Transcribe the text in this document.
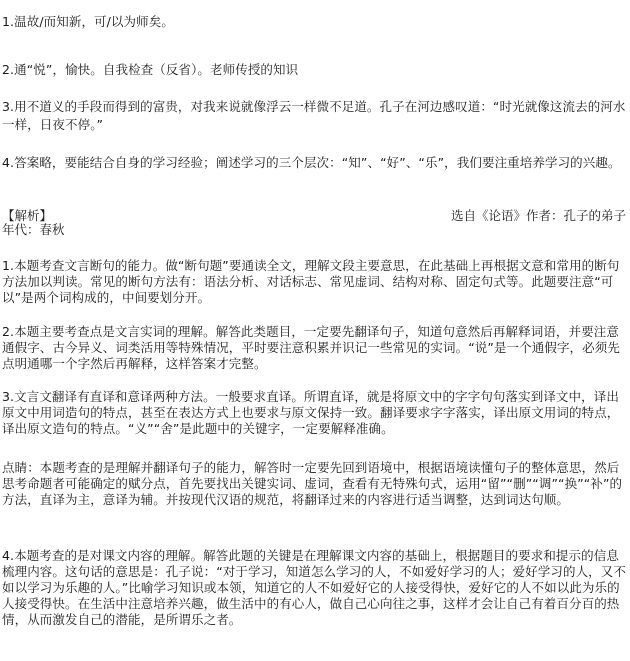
1.温故/而知新，可/以为师矣。

2.通“悦”，愉快。自我检查（反省）。老师传授的知识

3.用不道义的手段而得到的富贵，对我来说就像浮云一样微不足道。孔子在河边感叹道：“时光就像这流去的河水一样，日夜不停。”

4.答案略，要能结合自身的学习经验；阐述学习的三个层次：“知”、“好”、“乐”，我们要注重培养学习的兴趣。

【解析】	选自《论语》作者：孔子的弟子
年代：春秋

1.本题考查文言断句的能力。做“断句题”要通读全文，理解文段主要意思，在此基础上再根据文意和常用的断句方法加以判读。常见的断句方法有：语法分析、对话标志、常见虚词、结构对称、固定句式等。此题要注意“可以”是两个词构成的，中间要划分开。

2.本题主要考查点是文言实词的理解。解答此类题目，一定要先翻译句子，知道句意然后再解释词语，并要注意通假字、古今异义、词类活用等特殊情况，平时要注意积累并识记一些常见的实词。“说”是一个通假字，必须先点明通哪一个字然后再解释，这样答案才完整。

3.文言文翻译有直译和意译两种方法。一般要求直译。所谓直译，就是将原文中的字字句句落实到译文中，译出原文中用词造句的特点，甚至在表达方式上也要求与原文保持一致。翻译要求字字落实，译出原文用词的特点，译出原文造句的特点。“义”“舍”是此题中的关键字，一定要解释准确。

点睛：本题考查的是理解并翻译句子的能力，解答时一定要先回到语境中，根据语境读懂句子的整体意思，然后思考命题者可能确定的赋分点，首先要找出关键实词、虚词，查看有无特殊句式，运用“留”“删”“调”“换”“补”的方法，直译为主，意译为辅。并按现代汉语的规范，将翻译过来的内容进行适当调整，达到词达句顺。

4.本题考查的是对课文内容的理解。解答此题的关键是在理解课文内容的基础上，根据题目的要求和提示的信息梳理内容。这句话的意思是：孔子说：“对于学习，知道怎么学习的人，不如爱好学习的人；爱好学习的人，又不如以学习为乐趣的人。”比喻学习知识或本领，知道它的人不如爱好它的人接受得快，爱好它的人不如以此为乐的人接受得快。在生活中注意培养兴趣，做生活中的有心人，做自己心向往之事，这样才会让自己有着百分百的热情，从而激发自己的潜能，是所谓乐之者。
